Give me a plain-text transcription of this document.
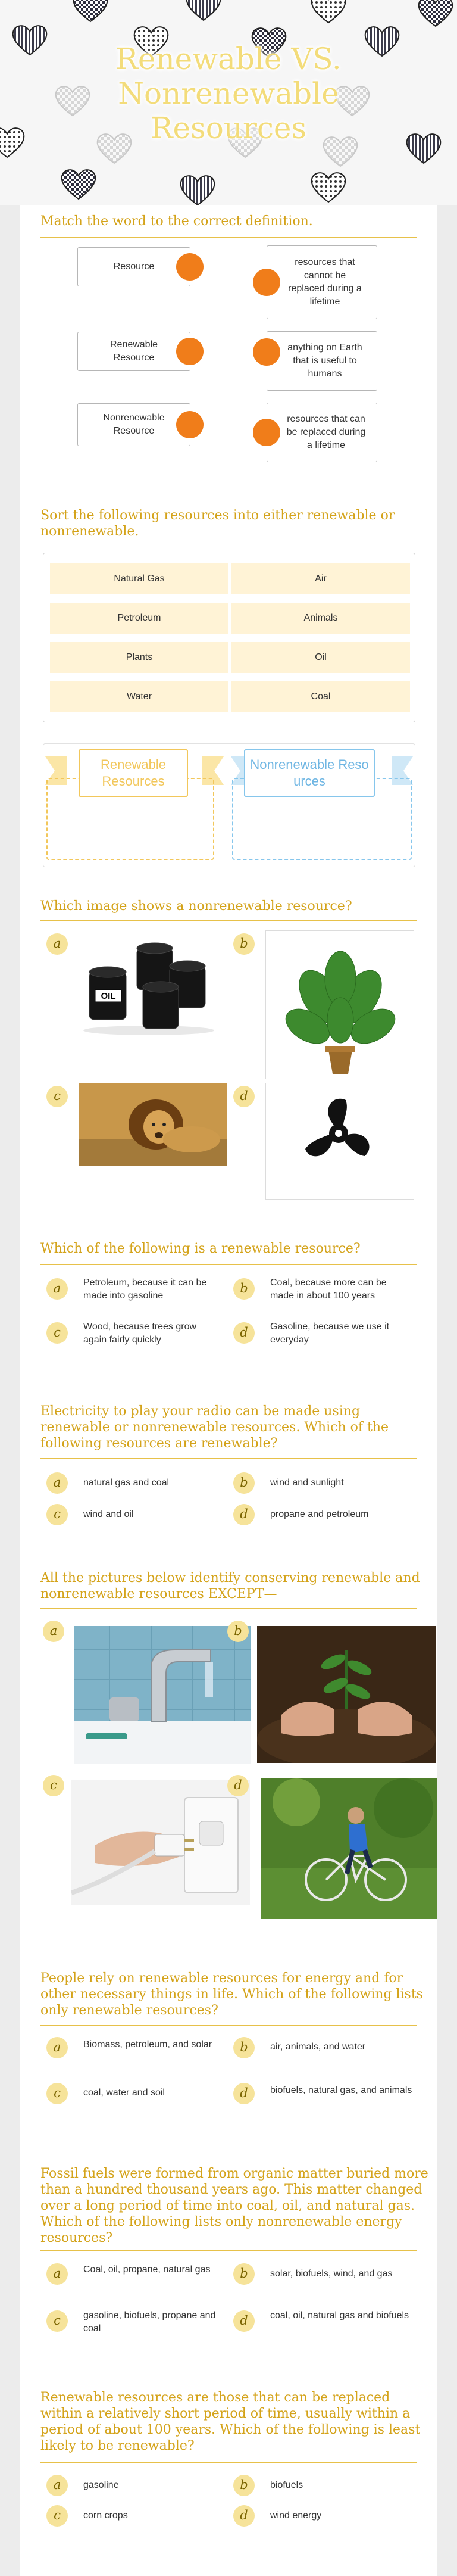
Renewable VS.
Nonrenewable
Resources
Match the word to the correct definition.
Resource
Renewable Resource
Nonrenewable Resource
resources that cannot be replaced during a lifetime
anything on Earth that is useful to humans
resources that can be replaced during a lifetime
Sort the following resources into either renewable or nonrenewable.
Natural Gas	Air
Petroleum	Animals
Plants	Oil
Water	Coal
Renewable Resources
Nonrenewable Resources
Which image shows a nonrenewable resource?
a
OIL
b
c	d
Which of the following is a renewable resource?
a	Petroleum, because it can be made into gasoline
b	Coal, because more can be made in about 100 years
c	Wood, because trees grow again fairly quickly
d	Gasoline, because we use it everyday
Electricity to play your radio can be made using renewable or nonrenewable resources. Which of the following resources are renewable?
a	natural gas and coal	b	wind and sunlight
c	wind and oil	d	propane and petroleum
All the pictures below identify conserving renewable and nonrenewable resources EXCEPT—
a	b
c	d
People rely on renewable resources for energy and for other necessary things in life. Which of the following lists only renewable resources?
a	Biomass, petroleum, and solar	b	air, animals, and water
c	coal, water and soil	d	biofuels, natural gas, and animals
Fossil fuels were formed from organic matter buried more than a hundred thousand years ago. This matter changed over a long period of time into coal, oil, and natural gas. Which of the following lists only nonrenewable energy resources?
a	Coal, oil, propane, natural gas	b	solar, biofuels, wind, and gas
c	gasoline, biofuels, propane and coal
d	coal, oil, natural gas and biofuels
Renewable resources are those that can be replaced within a relatively short period of time, usually within a period of about 100 years. Which of the following is least likely to be renewable?
a	gasoline	b	biofuels
c	corn crops	d	wind energy
